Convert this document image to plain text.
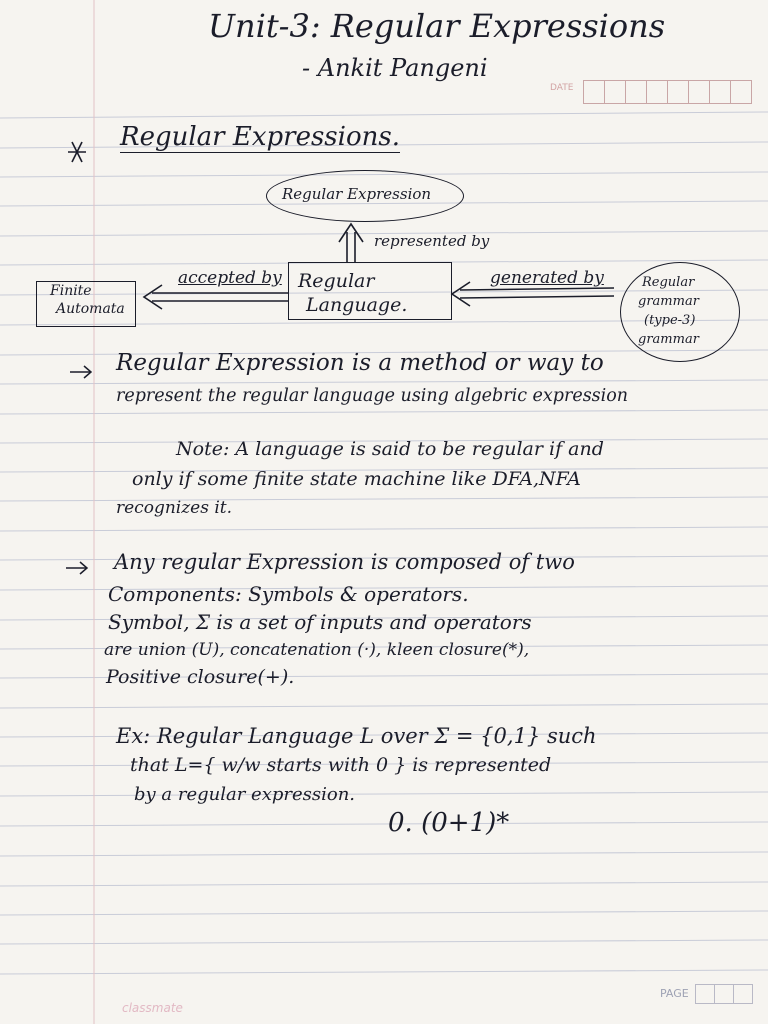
Unit-3: Regular Expressions
- Ankit Pangeni
DATE
Regular Expressions.
Regular Expression
represented by
Regular
Language.
accepted by
Finite
Automata
generated by	Regular
grammar
(type-3)
grammar
Regular Expression is a method or way to
represent the regular language using algebric expression
Note: A language is said to be regular if and
only if some finite state machine like DFA,NFA
recognizes it.
Any regular Expression is composed of two
Components: Symbols & operators.
Symbol, Σ is a set of inputs and operators
are union (U), concatenation (·), kleen closure(*),
Positive closure(+).
Ex: Regular Language L over Σ = {0,1} such
that L={ w/w starts with 0 } is represented
by a regular expression.
0. (0+1)*
classmate
PAGE
